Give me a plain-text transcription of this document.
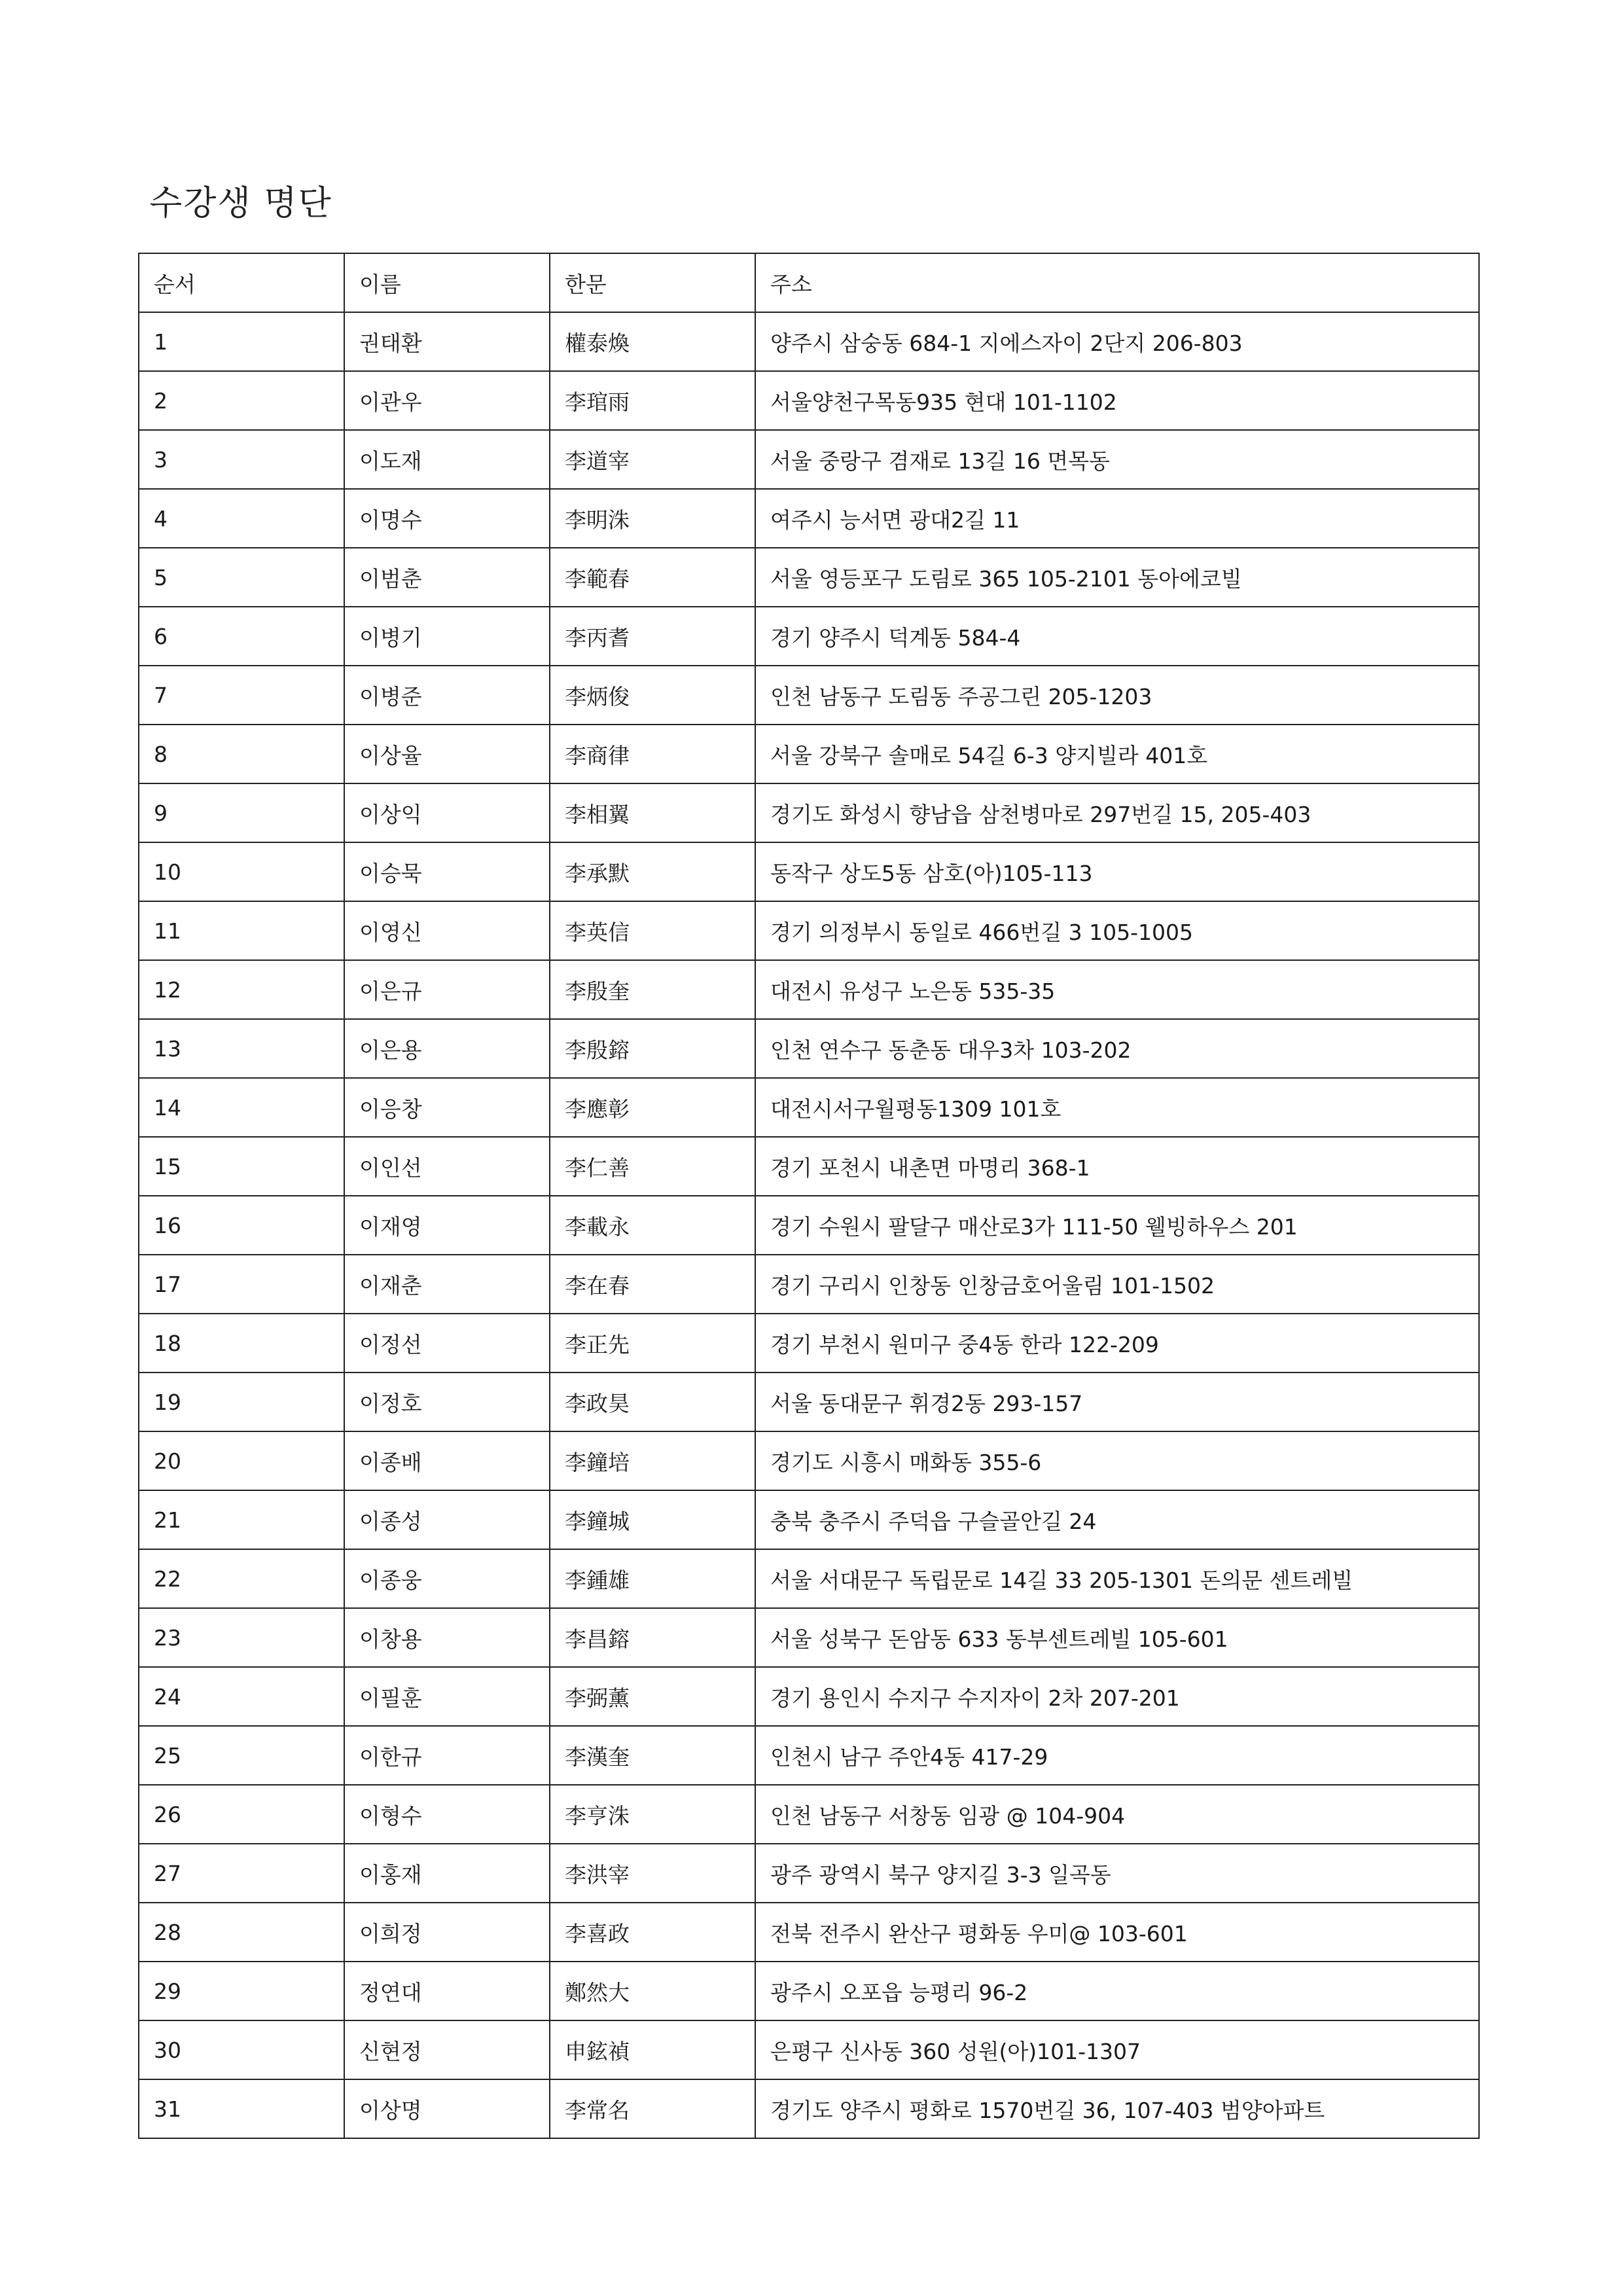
수강생 명단
순서	이름	한문	주소
1	권태환	權泰煥	양주시 삼숭동 684-1 지에스자이 2단지 206-803
2	이관우	李琯雨	서울양천구목동935 현대 101-1102
3	이도재	李道宰	서울 중랑구 겸재로 13길 16 면목동
4	이명수	李明洙	여주시 능서면 광대2길 11
5	이범춘	李範春	서울 영등포구 도림로 365 105-2101 동아에코빌
6	이병기	李丙耆	경기 양주시 덕계동 584-4
7	이병준	李炳俊	인천 남동구 도림동 주공그린 205-1203
8	이상율	李商律	서울 강북구 솔매로 54길 6-3 양지빌라 401호
9	이상익	李相翼	경기도 화성시 향남읍 삼천병마로 297번길 15, 205-403
10	이승묵	李承默	동작구 상도5동 삼호(아)105-113
11	이영신	李英信	경기 의정부시 동일로 466번길 3 105-1005
12	이은규	李殷奎	대전시 유성구 노은동 535-35
13	이은용	李殷鎔	인천 연수구 동춘동 대우3차 103-202
14	이응창	李應彰	대전시서구월평동1309 101호
15	이인선	李仁善	경기 포천시 내촌면 마명리 368-1
16	이재영	李載永	경기 수원시 팔달구 매산로3가 111-50 웰빙하우스 201
17	이재춘	李在春	경기 구리시 인창동 인창금호어울림 101-1502
18	이정선	李正先	경기 부천시 원미구 중4동 한라 122-209
19	이정호	李政昊	서울 동대문구 휘경2동 293-157
20	이종배	李鐘培	경기도 시흥시 매화동 355-6
21	이종성	李鐘城	충북 충주시 주덕읍 구슬골안길 24
22	이종웅	李鍾雄	서울 서대문구 독립문로 14길 33 205-1301 돈의문 센트레빌
23	이창용	李昌鎔	서울 성북구 돈암동 633 동부센트레빌 105-601
24	이필훈	李弼薰	경기 용인시 수지구 수지자이 2차 207-201
25	이한규	李漢奎	인천시 남구 주안4동 417-29
26	이형수	李亨洙	인천 남동구 서창동 임광 @ 104-904
27	이홍재	李洪宰	광주 광역시 북구 양지길 3-3 일곡동
28	이희정	李喜政	전북 전주시 완산구 평화동 우미@ 103-601
29	정연대	鄭然大	광주시 오포읍 능평리 96-2
30	신현정	申鉉禎	은평구 신사동 360 성원(아)101-1307
31	이상명	李常名	경기도 양주시 평화로 1570번길 36, 107-403 범양아파트
